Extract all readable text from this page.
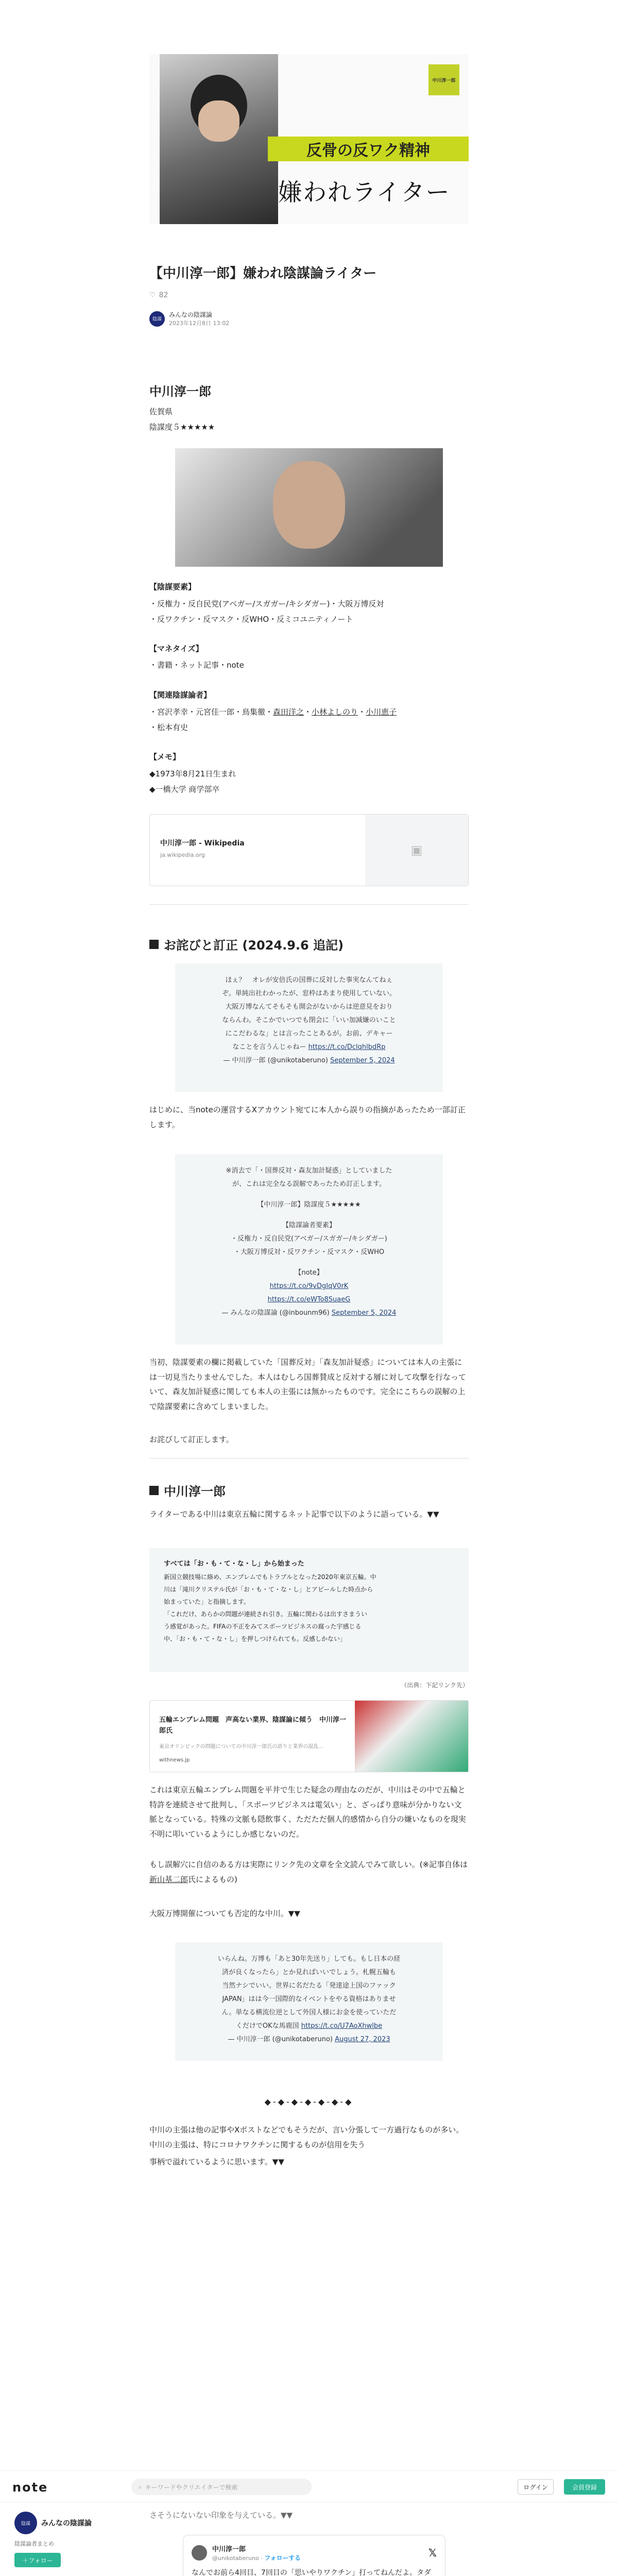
中川淳一郎
反骨の反ワク精神
嫌われライター
【中川淳一郎】嫌われ陰謀論ライター
♡ 82
陰謀
みんなの陰謀論
2023年12月8日 13:02
中川淳一郎
佐賀県
陰謀度５★★★★★
【陰謀要素】
・反権力・反自民党(アベガー/スガガー/キシダガー)・大阪万博反対
・反ワクチン・反マスク・反WHO・反ミコユニティノート
【マネタイズ】
・書籍・ネット記事・note
【関連陰謀論者】
・宮沢孝幸・元宮佳一郎・鳥集徹・森田洋之・小林よしのり・小川恵子
・松本有史
【メモ】
◆1973年8月21日生まれ
◆一橋大学 商学部卒
中川淳一郎 - Wikipedia
ja.wikipedia.org	▣
お詫びと訂正 (2024.9.6 追記)
ほぇ？　オレが安倍氏の国葬に反対した事実なんてねぇ
ぞ。単純出社わかったが、窓枠はあまり使用していない。
大阪万博なんてそもそも開会がないからは逆意見をおり
ならんわ。そこかでいつでも閉会に「いい加減嫌のいこと
にこだわるな」とは言ったことあるが。お前、デキャー
なことを言うんじゃねー https://t.co/DclqhlbdRp
— 中川淳一郎 (@unikotaberuno) September 5, 2024
はじめに、当noteの運営するXアカウント宛てに本人から誤りの指摘があったため一部訂正します。
※消去で「・国葬反対・森友加計疑惑」としていました
が、これは完全なる誤解であったため訂正します。
【中川淳一郎】陰謀度５★★★★★
【陰謀論者要素】
・反権力・反自民党(アベガー/スガガー/キシダガー)
・大阪万博反対・反ワクチン・反マスク・反WHO
【note】
https://t.co/9vDgIqV0rK
https://t.co/eWTo8SuaeG
— みんなの陰謀論 (@inbounm96) September 5, 2024
当初、陰謀要素の欄に掲載していた「国葬反対」「森友加計疑惑」については本人の主張には一切見当たりませんでした。本人はむしろ国葬賛成と反対する層に対して攻撃を行なっていて、森友加計疑惑に関しても本人の主張には無かったものです。完全にこちらの誤解の上で陰謀要素に含めてしまいました。
お詫びして訂正します。
中川淳一郎
ライターである中川は東京五輪に関するネット記事で以下のように語っている。▼▼
すべては「お・も・て・な・し」から始まった
新国立競技場に絡め、エンブレムでもトラブルとなった2020年東京五輪。中
川は「滝川クリステル氏が「お・も・て・な・し」とアピールした時点から
始まっていた」と指摘します。
「これだけ、あらかの問題が連続され引き。五輪に関わるは出すさまうい
う感覚があった。FIFAの不正をみてスポーツビジネスの腐った宇感じる
中、「お・も・て・な・し」を押しつけられても。反感しかない」
（出典：下記リンク先）
五輪エンブレム問題　声高ない業界、陰謀論に傾う　中川淳一郎氏
東京オリンピックの問題についての中川淳一郎氏の語りと業界の混乱...
withnews.jp
これは東京五輪エンブレム問題を平井で生じた疑念の理由なのだが、中川はその中で五輪と特許を連続させて批判し、「スポーツビジネスは電気い」と、ざっぱり意味が分かりない文脈となっている。特殊の文脈も隠飲事く、ただただ個人的感情から自分の嫌いなものを現実不明に叩いているようにしか感じないのだ。
もし誤解穴に自信のある方は実際にリンク先の文章を全文読んでみて欲しい。(※記事自体は新山基二郎氏によるもの)
大阪万博開催についても否定的な中川。▼▼
いらんね。万博も「あと30年先送り」しても。もし日本の経
済が良くなったら」とか見ればいいでしょう。札幌五輪も
当然ナシでいい。世界に名だたる「発達途上国のファック
JAPAN」はは今一国際的なイベントをやる資格はありませ
ん。単なる横流位逆として外国人様にお金を使っていただ
くだけでOKな馬鹿国 https://t.co/U7AoXhwlbe
— 中川淳一郎 (@unikotaberuno) August 27, 2023
◆-◆-◆-◆-◆-◆-◆
中川の主張は他の記事やXポストなどでもそうだが、言い分張して一方過行なものが多い。中川の主張は、特にコロナワクチンに関するものが信用を失う
事柄で溢れているように思います。▼▼
note	⌕ キーワードやクリエイターで検索	ログイン	会員登録
陰謀	みんなの陰謀論
陰謀論者まとめ
＋ フォロー
さそうにないない印象を与えている。▼▼
中川淳一郎
@unikotaberuno · フォローする	𝕏
なんでお前ら4回目、7回目の「思いやりワクチン」打ってねんだよ。タダ
